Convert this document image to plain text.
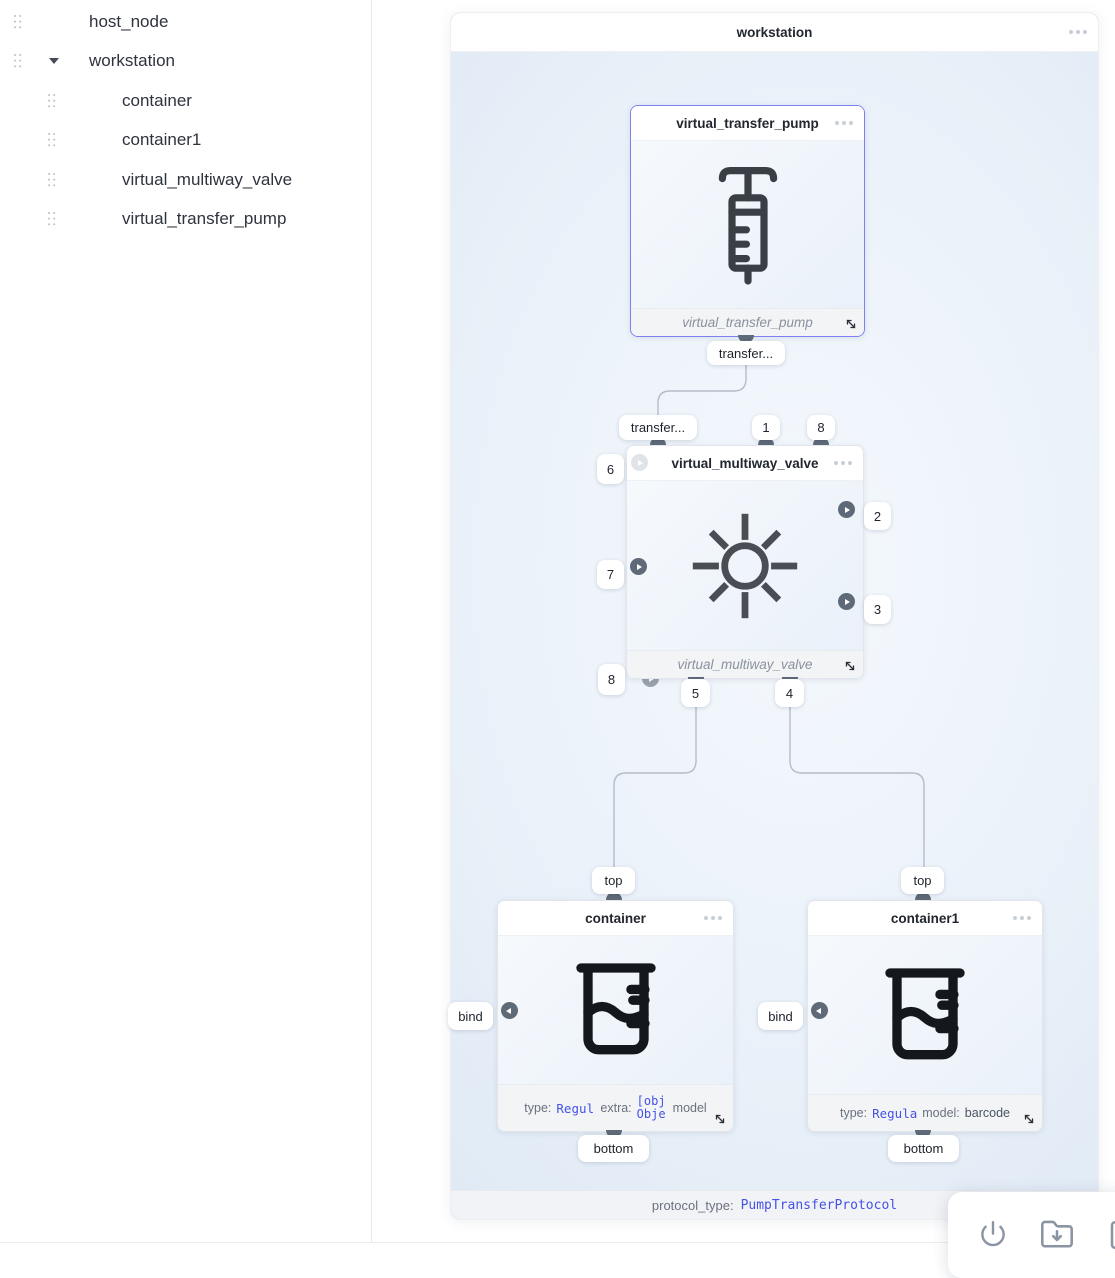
host_node
workstation
container
container1
virtual_multiway_valve
virtual_transfer_pump
workstation
virtual_transfer_pump
virtual_transfer_pump
transfer...
virtual_multiway_valve
virtual_multiway_valve
transfer...	1	8
6
7
8
2
3
5	4
container
type: Regul extra: [obj
Obje model
top
bottom
bind
container1
type: Regula model: barcode
top
bottom
bind
protocol_type: PumpTransferProtocol
